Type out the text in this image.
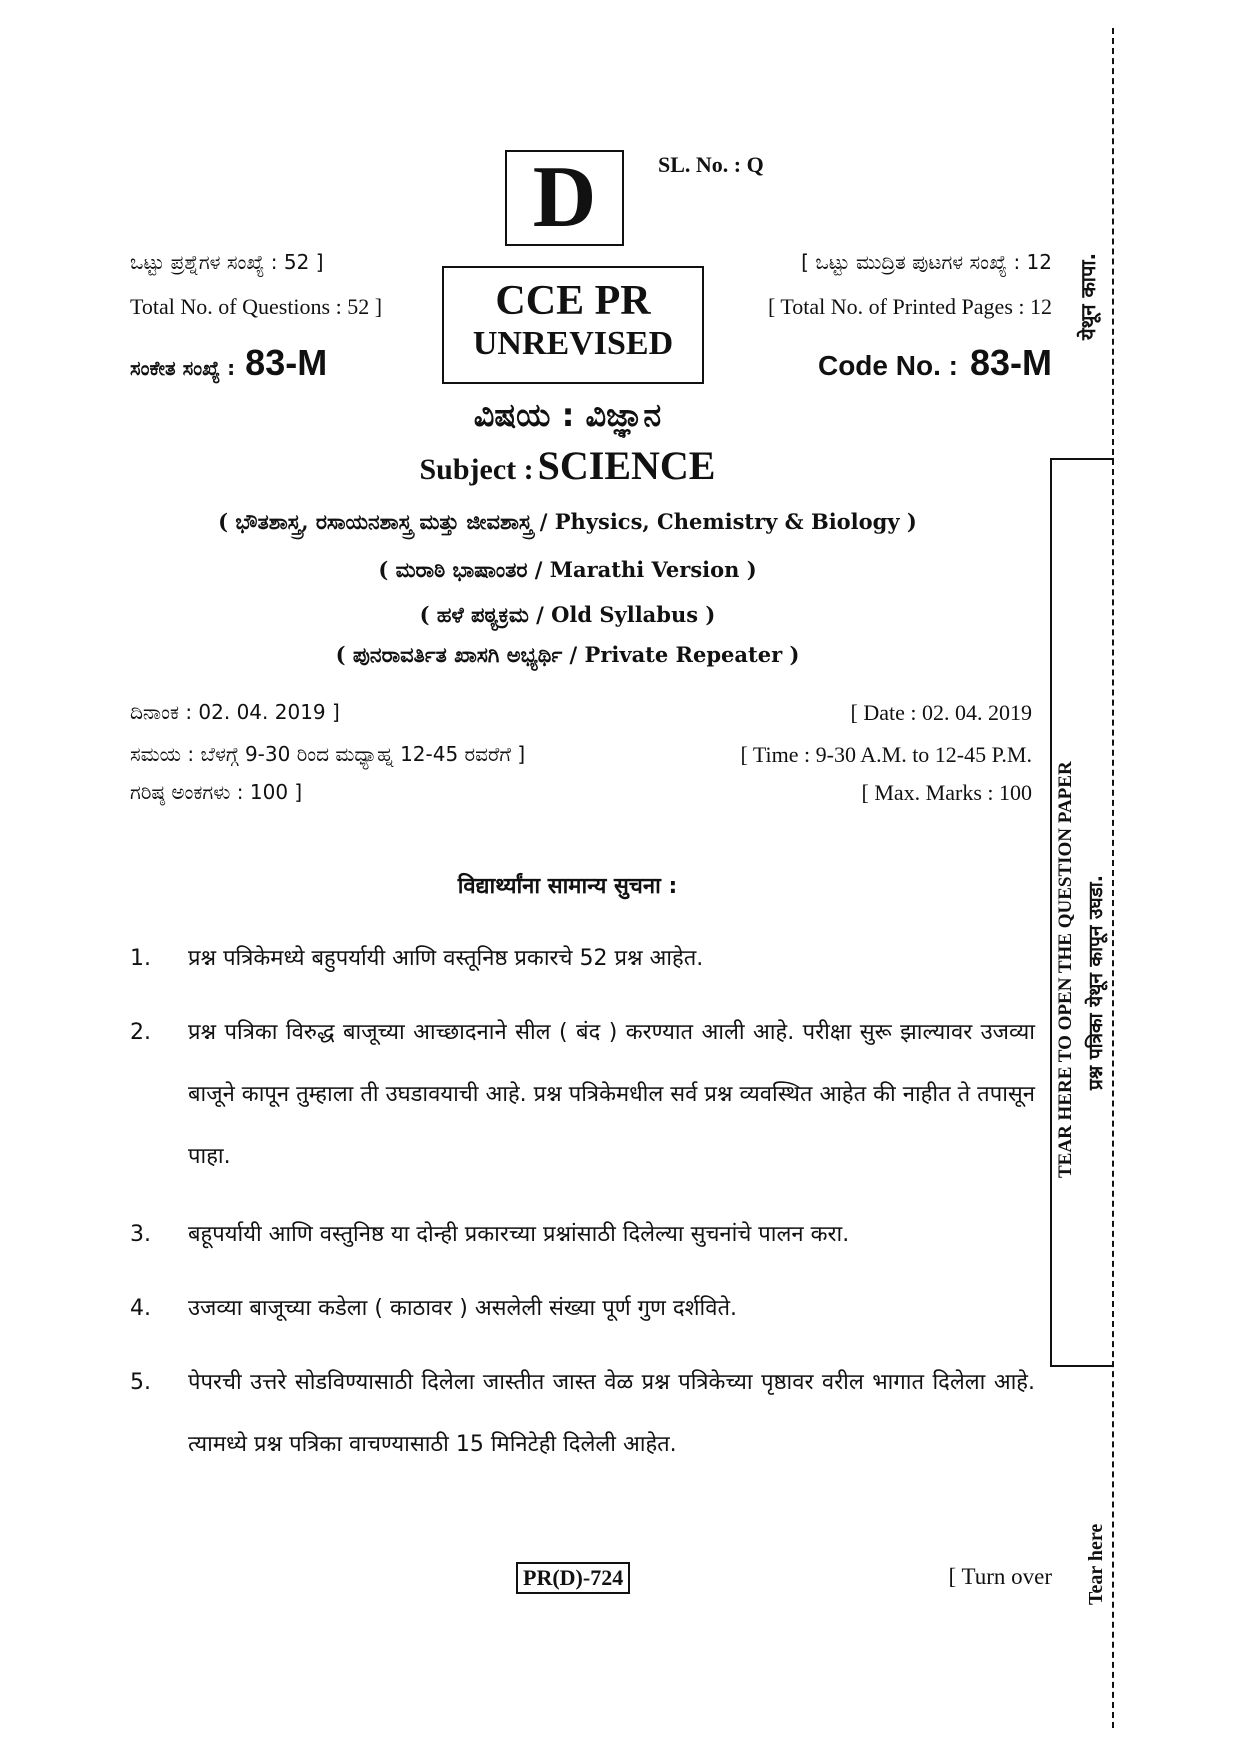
D	SL. No. : Q
ಒಟ್ಟು ಪ್ರಶ್ನೆಗಳ ಸಂಖ್ಯೆ : 52 ]
Total No. of Questions : 52 ]
ಸಂಕೇತ ಸಂಖ್ಯೆ : 83-M
CCE PR
UNREVISED
[ ಒಟ್ಟು ಮುದ್ರಿತ ಪುಟಗಳ ಸಂಖ್ಯೆ : 12
[ Total No. of Printed Pages : 12
Code No. : 83-M
ವಿಷಯ : ವಿಜ್ಞಾನ
Subject : SCIENCE
( ಭೌತಶಾಸ್ತ್ರ, ರಸಾಯನಶಾಸ್ತ್ರ ಮತ್ತು ಜೀವಶಾಸ್ತ್ರ / Physics, Chemistry & Biology )
( ಮರಾಠಿ ಭಾಷಾಂತರ / Marathi Version )
( ಹಳೆ ಪಠ್ಯಕ್ರಮ / Old Syllabus )
( ಪುನರಾವರ್ತಿತ ಖಾಸಗಿ ಅಭ್ಯರ್ಥಿ / Private Repeater )
ದಿನಾಂಕ : 02. 04. 2019 ]	[ Date : 02. 04. 2019
ಸಮಯ : ಬೆಳಗ್ಗೆ 9-30 ರಿಂದ ಮಧ್ಯಾಹ್ನ 12-45 ರವರೆಗೆ ]	[ Time : 9-30 A.M. to 12-45 P.M.
ಗರಿಷ್ಠ ಅಂಕಗಳು : 100 ]	[ Max. Marks : 100
विद्यार्थ्यांना सामान्य सुचना :
1. प्रश्न पत्रिकेमध्ये बहुपर्यायी आणि वस्तूनिष्ठ प्रकारचे 52 प्रश्न आहेत.
2. प्रश्न पत्रिका विरुद्ध बाजूच्या आच्छादनाने सील ( बंद ) करण्यात आली आहे. परीक्षा सुरू झाल्यावर उजव्या बाजूने कापून तुम्हाला ती उघडावयाची आहे. प्रश्न पत्रिकेमधील सर्व प्रश्न व्यवस्थित आहेत की नाहीत ते तपासून पाहा.
3. बहूपर्यायी आणि वस्तुनिष्ठ या दोन्ही प्रकारच्या प्रश्नांसाठी दिलेल्या सुचनांचे पालन करा.
4. उजव्या बाजूच्या कडेला ( काठावर ) असलेली संख्या पूर्ण गुण दर्शविते.
5. पेपरची उत्तरे सोडविण्यासाठी दिलेला जास्तीत जास्त वेळ प्रश्न पत्रिकेच्या पृष्ठावर वरील भागात दिलेला आहे. त्यामध्ये प्रश्न पत्रिका वाचण्यासाठी 15 मिनिटेही दिलेली आहेत.
येथून कापा.
TEAR HERE TO OPEN THE QUESTION PAPER प्रश्न पत्रिका येथून कापून उघडा.
Tear here
PR(D)-724	[ Turn over
